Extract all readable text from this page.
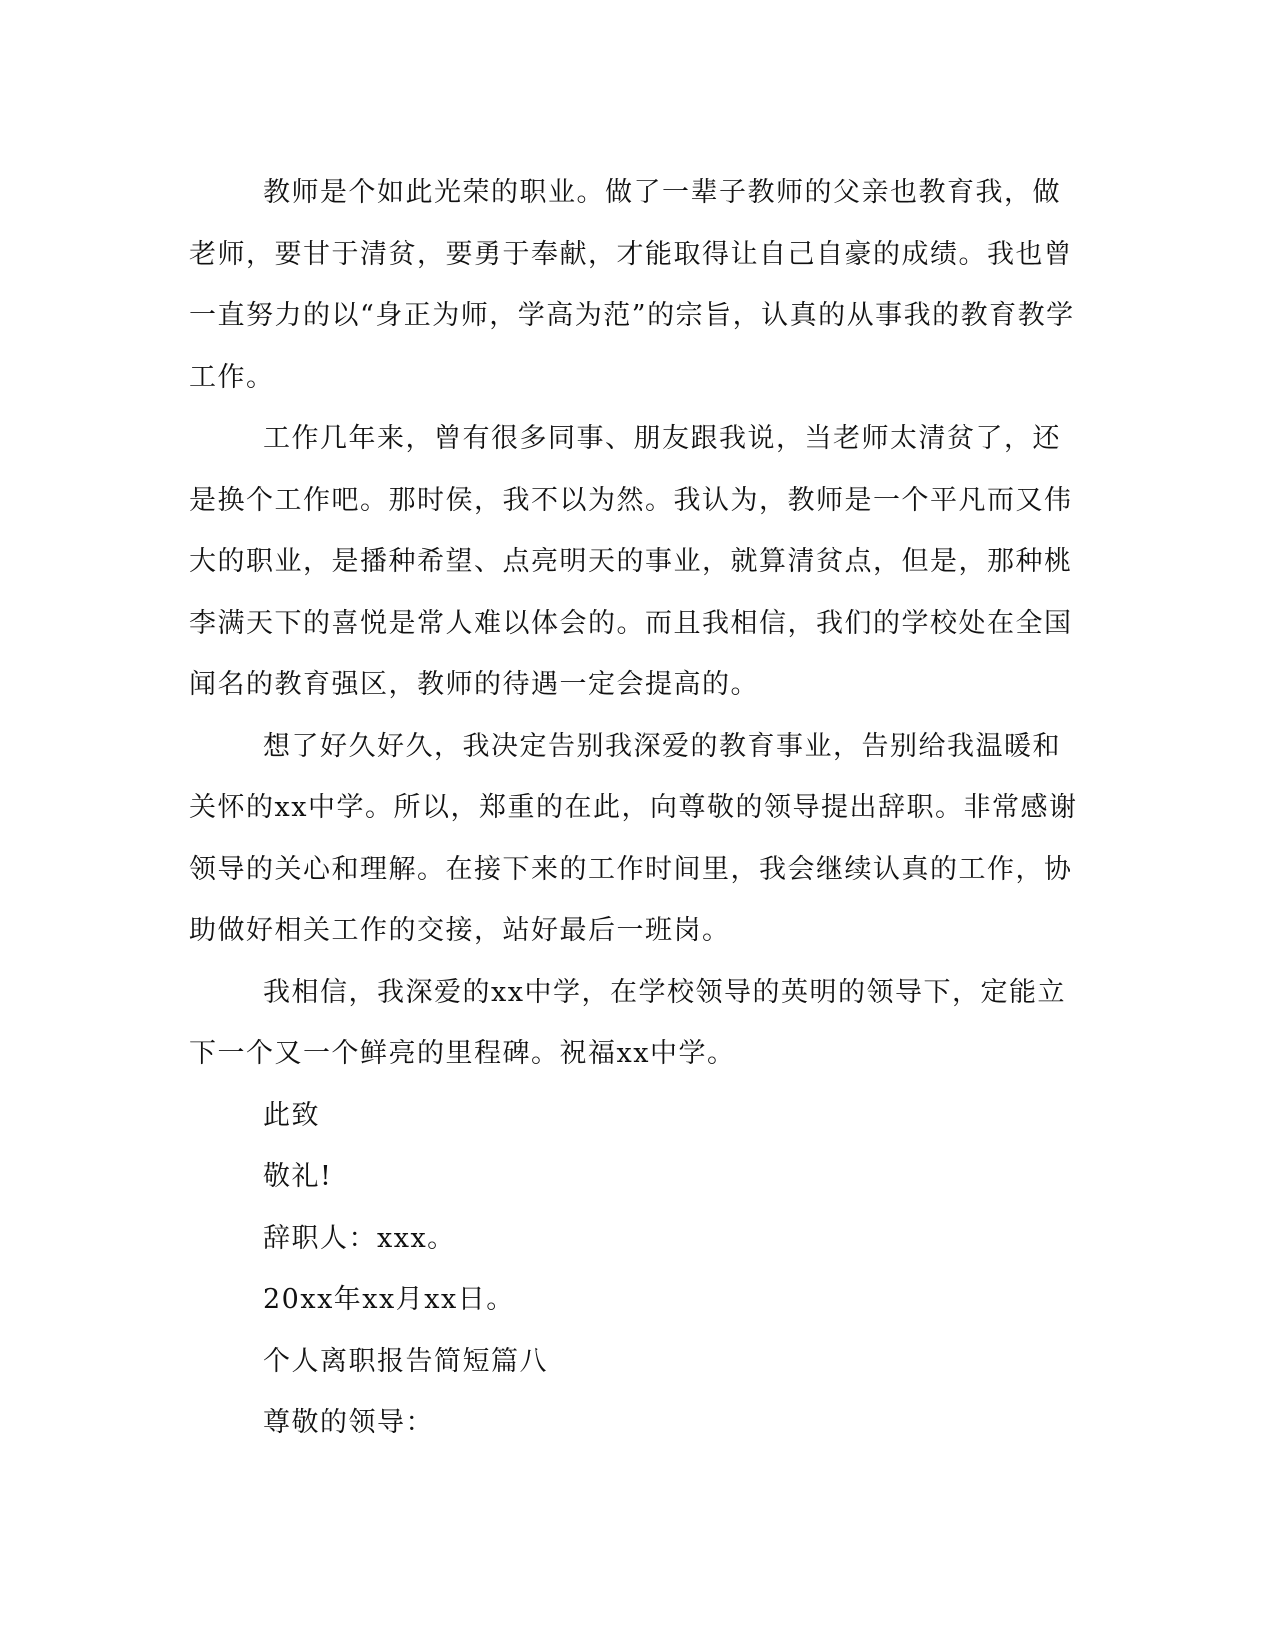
教师是个如此光荣的职业。做了一辈子教师的父亲也教育我，做老师，要甘于清贫，要勇于奉献，才能取得让自己自豪的成绩。我也曾一直努力的以“身正为师，学高为范”的宗旨，认真的从事我的教育教学工作。

工作几年来，曾有很多同事、朋友跟我说，当老师太清贫了，还是换个工作吧。那时侯，我不以为然。我认为，教师是一个平凡而又伟大的职业，是播种希望、点亮明天的事业，就算清贫点，但是，那种桃李满天下的喜悦是常人难以体会的。而且我相信，我们的学校处在全国闻名的教育强区，教师的待遇一定会提高的。

想了好久好久，我决定告别我深爱的教育事业，告别给我温暖和关怀的xx中学。所以，郑重的在此，向尊敬的领导提出辞职。非常感谢领导的关心和理解。在接下来的工作时间里，我会继续认真的工作，协助做好相关工作的交接，站好最后一班岗。

我相信，我深爱的xx中学，在学校领导的英明的领导下，定能立下一个又一个鲜亮的里程碑。祝福xx中学。

此致

敬礼!

辞职人：xxx。

20xx年xx月xx日。

个人离职报告简短篇八

尊敬的领导：
